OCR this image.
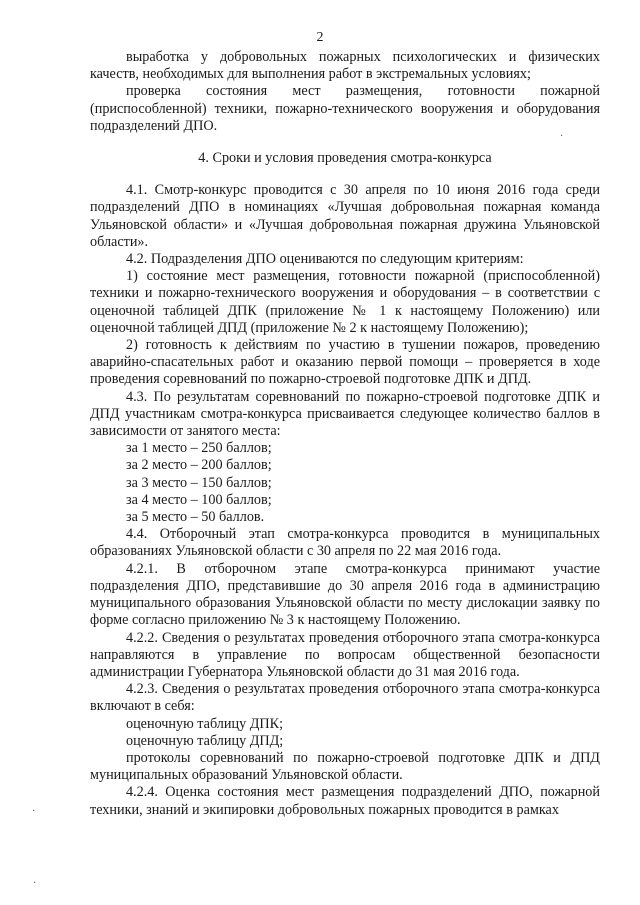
2

выработка у добровольных пожарных психологических и физических качеств, необходимых для выполнения работ в экстремальных условиях;

проверка состояния мест размещения, готовности пожарной (приспособленной) техники, пожарно-технического вооружения и оборудования подразделений ДПО.

4. Сроки и условия проведения смотра-конкурса

4.1. Смотр-конкурс проводится с 30 апреля по 10 июня 2016 года среди подразделений ДПО в номинациях «Лучшая добровольная пожарная команда Ульяновской области» и «Лучшая добровольная пожарная дружина Ульяновской области».

4.2. Подразделения ДПО оцениваются по следующим критериям:

1) состояние мест размещения, готовности пожарной (приспособленной) техники и пожарно-технического вооружения и оборудования – в соответствии с оценочной таблицей ДПК (приложение № 1 к настоящему Положению) или оценочной таблицей ДПД (приложение № 2 к настоящему Положению);

2) готовность к действиям по участию в тушении пожаров, проведению аварийно-спасательных работ и оказанию первой помощи – проверяется в ходе проведения соревнований по пожарно-строевой подготовке ДПК и ДПД.

4.3. По результатам соревнований по пожарно-строевой подготовке ДПК и ДПД участникам смотра-конкурса присваивается следующее количество баллов в зависимости от занятого места:

за 1 место – 250 баллов;

за 2 место – 200 баллов;

за 3 место – 150 баллов;

за 4 место – 100 баллов;

за 5 место – 50 баллов.

4.4. Отборочный этап смотра-конкурса проводится в муниципальных образованиях Ульяновской области с 30 апреля по 22 мая 2016 года.

4.2.1. В отборочном этапе смотра-конкурса принимают участие подразделения ДПО, представившие до 30 апреля 2016 года в администрацию муниципального образования Ульяновской области по месту дислокации заявку по форме согласно приложению № 3 к настоящему Положению.

4.2.2. Сведения о результатах проведения отборочного этапа смотра-конкурса направляются в управление по вопросам общественной безопасности администрации Губернатора Ульяновской области до 31 мая 2016 года.

4.2.3. Сведения о результатах проведения отборочного этапа смотра-конкурса включают в себя:

оценочную таблицу ДПК;

оценочную таблицу ДПД;

протоколы соревнований по пожарно-строевой подготовке ДПК и ДПД муниципальных образований Ульяновской области.

4.2.4. Оценка состояния мест размещения подразделений ДПО, пожарной техники, знаний и экипировки добровольных пожарных проводится в рамках

·
·
·
